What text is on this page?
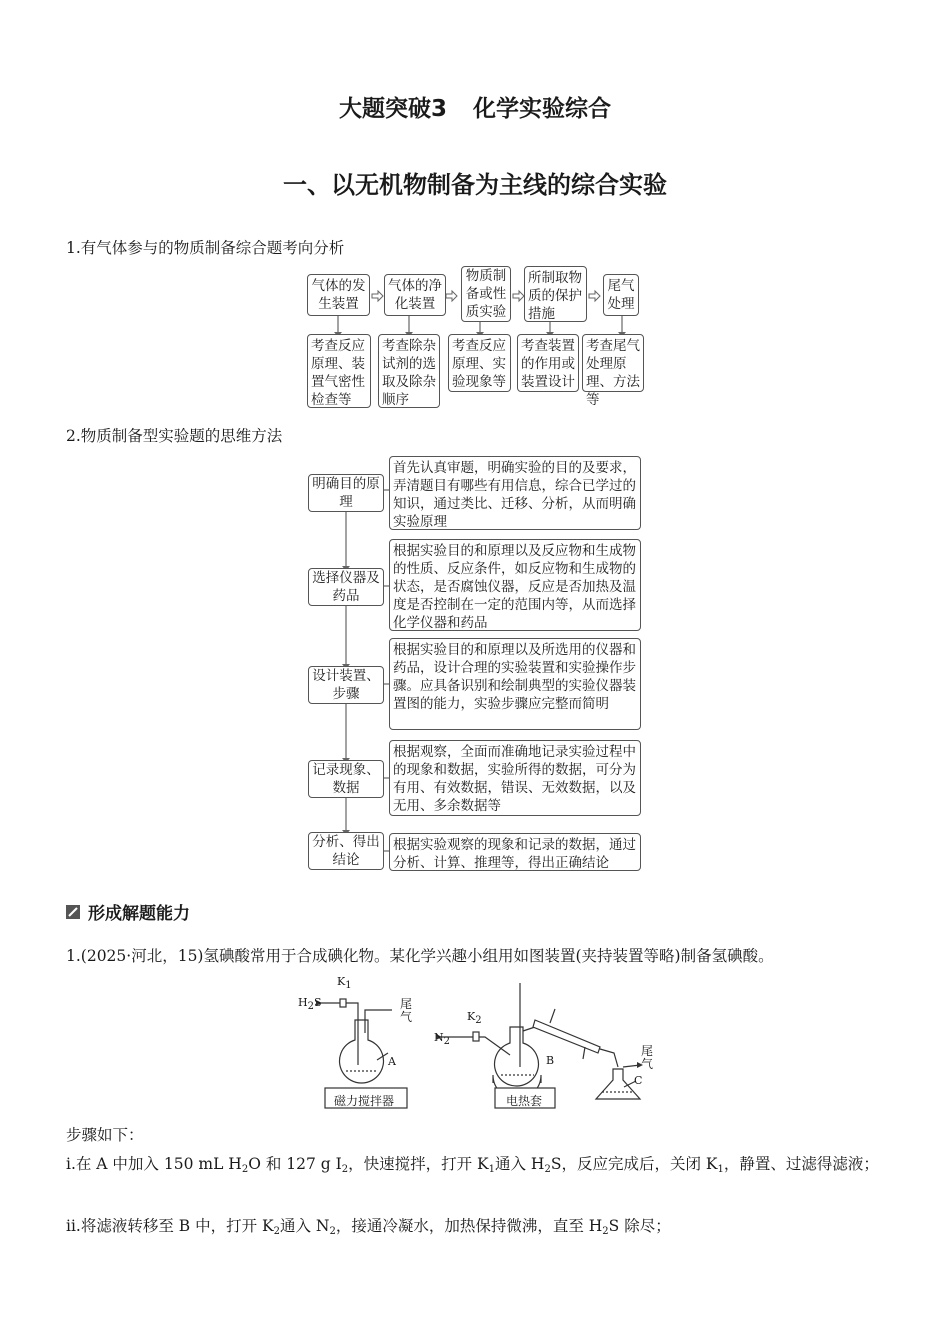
大题突破3 化学实验综合
一、以无机物制备为主线的综合实验
1.有气体参与的物质制备综合题考向分析
气体的发生装置
气体的净化装置
物质制备或性质实验
所制取物质的保护措施
尾气处理
考查反应原理、装置气密性检查等
考查除杂试剂的选取及除杂顺序
考查反应原理、实验现象等
考查装置的作用或装置设计
考查尾气处理原理、方法等
2.物质制备型实验题的思维方法
明确目的原理
首先认真审题，明确实验的目的及要求，弄清题目有哪些有用信息，综合已学过的知识，通过类比、迁移、分析，从而明确实验原理
选择仪器及药品
根据实验目的和原理以及反应物和生成物的性质、反应条件，如反应物和生成物的状态，是否腐蚀仪器，反应是否加热及温度是否控制在一定的范围内等，从而选择化学仪器和药品
设计装置、步骤
根据实验目的和原理以及所选用的仪器和药品，设计合理的实验装置和实验操作步骤。应具备识别和绘制典型的实验仪器装置图的能力，实验步骤应完整而简明
记录现象、数据
根据观察，全面而准确地记录实验过程中的现象和数据，实验所得的数据，可分为有用、有效数据，错误、无效数据，以及无用、多余数据等
分析、得出结论
根据实验观察的现象和记录的数据，通过分析、计算、推理等，得出正确结论
形成解题能力
1.(2025·河北，15)氢碘酸常用于合成碘化物。某化学兴趣小组用如图装置(夹持装置等略)制备氢碘酸。
$H_2S$
$K_1$
尾气
A
磁力搅拌器
$K_2$
$N_2$
B
电热套
尾气
C
步骤如下：
ⅰ.在 A 中加入 150 mL $H_2O$ 和 127 g $I_2$，快速搅拌，打开 $K_1$通入 $H_2S$，反应完成后，关闭 $K_1$，静置、过滤得滤液；
ⅱ.将滤液转移至 B 中，打开 $K_2$通入 $N_2$，接通冷凝水，加热保持微沸，直至 $H_2S$ 除尽；
